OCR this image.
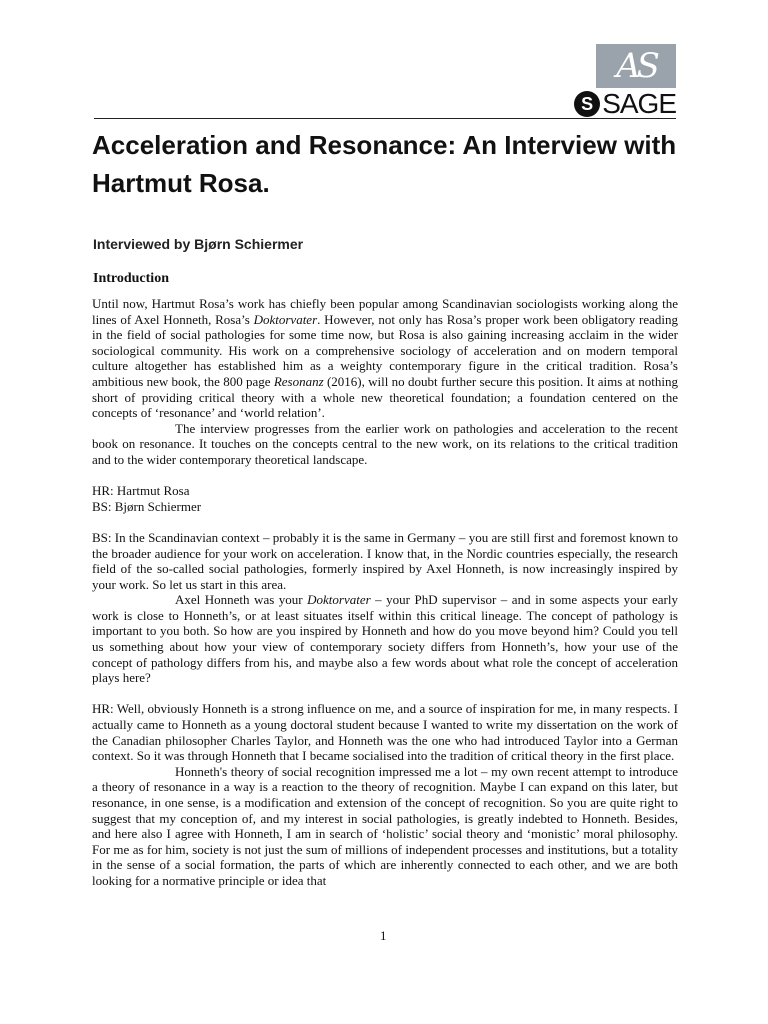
AS
S SAGE
Acceleration and Resonance: An Interview with Hartmut Rosa.

Interviewed by Bjørn Schiermer

Introduction

Until now, Hartmut Rosa’s work has chiefly been popular among Scandinavian sociologists working along the lines of Axel Honneth, Rosa’s Doktorvater. However, not only has Rosa’s proper work been obligatory reading in the field of social pathologies for some time now, but Rosa is also gaining increasing acclaim in the wider sociological community. His work on a comprehensive sociology of acceleration and on modern temporal culture altogether has established him as a weighty contemporary figure in the critical tradition. Rosa’s ambitious new book, the 800 page Resonanz (2016), will no doubt further secure this position. It aims at nothing short of providing critical theory with a whole new theoretical foundation; a foundation centered on the concepts of ‘resonance’ and ‘world relation’.

The interview progresses from the earlier work on pathologies and acceleration to the recent book on resonance. It touches on the concepts central to the new work, on its relations to the critical tradition and to the wider contemporary theoretical landscape.

HR: Hartmut Rosa

BS: Bjørn Schiermer

BS: In the Scandinavian context – probably it is the same in Germany – you are still first and foremost known to the broader audience for your work on acceleration. I know that, in the Nordic countries especially, the research field of the so-called social pathologies, formerly inspired by Axel Honneth, is now increasingly inspired by your work. So let us start in this area.

Axel Honneth was your Doktorvater – your PhD supervisor – and in some aspects your early work is close to Honneth’s, or at least situates itself within this critical lineage. The concept of pathology is important to you both. So how are you inspired by Honneth and how do you move beyond him? Could you tell us something about how your view of contemporary society differs from Honneth’s, how your use of the concept of pathology differs from his, and maybe also a few words about what role the concept of acceleration plays here?

HR: Well, obviously Honneth is a strong influence on me, and a source of inspiration for me, in many respects. I actually came to Honneth as a young doctoral student because I wanted to write my dissertation on the work of the Canadian philosopher Charles Taylor, and Honneth was the one who had introduced Taylor into a German context. So it was through Honneth that I became socialised into the tradition of critical theory in the first place.

Honneth's theory of social recognition impressed me a lot – my own recent attempt to introduce a theory of resonance in a way is a reaction to the theory of recognition. Maybe I can expand on this later, but resonance, in one sense, is a modification and extension of the concept of recognition. So you are quite right to suggest that my conception of, and my interest in social pathologies, is greatly indebted to Honneth. Besides, and here also I agree with Honneth, I am in search of ‘holistic’ social theory and ‘monistic’ moral philosophy. For me as for him, society is not just the sum of millions of independent processes and institutions, but a totality in the sense of a social formation, the parts of which are inherently connected to each other, and we are both looking for a normative principle or idea that

1
